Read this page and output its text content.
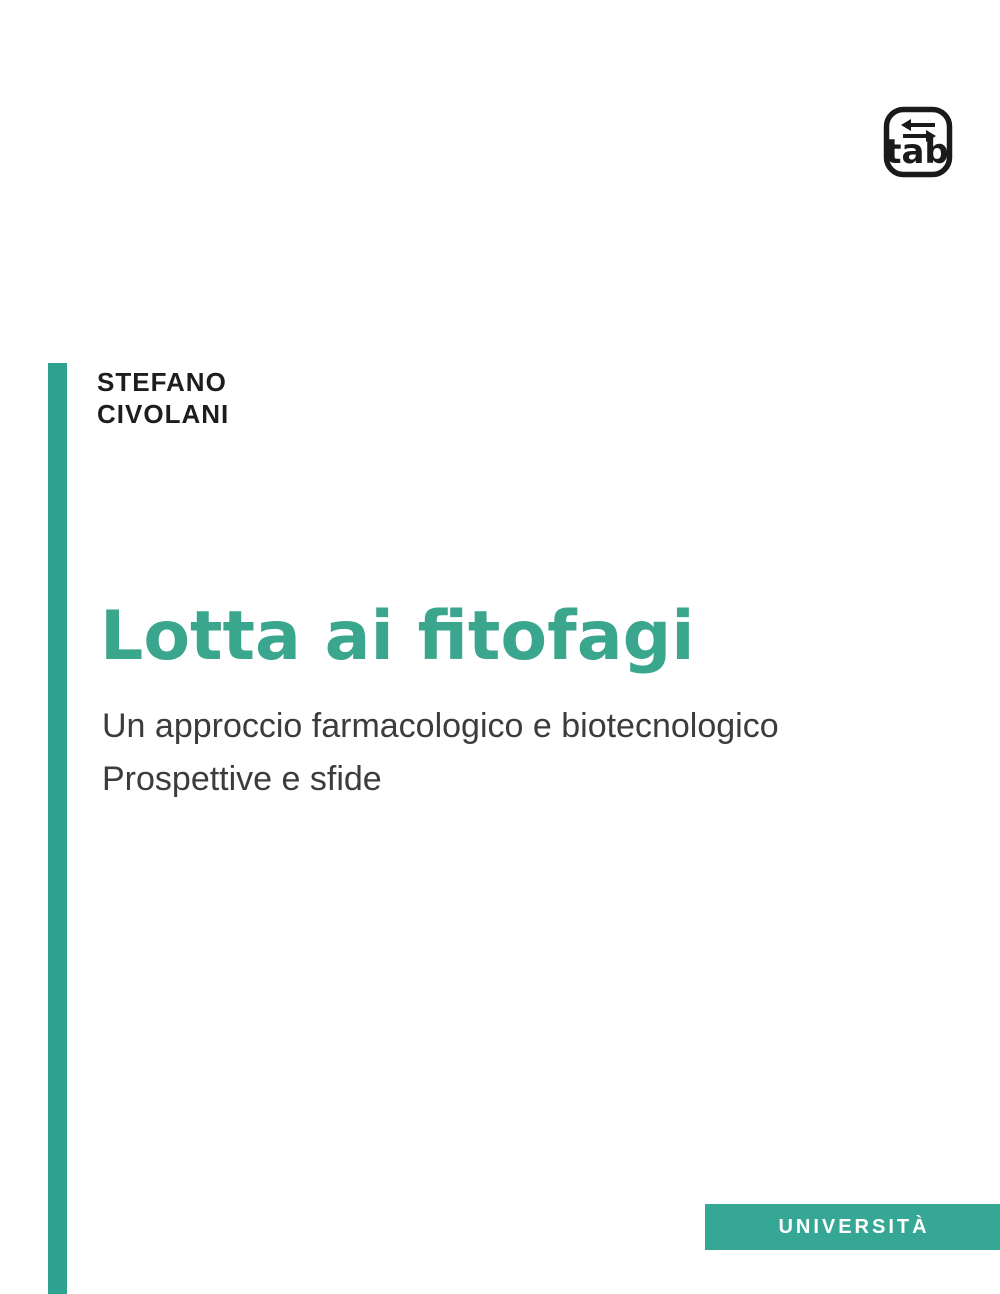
tab
STEFANO
CIVOLANI
Lotta ai fitofagi
Un approccio farmacologico e biotecnologico
Prospettive e sfide
UNIVERSITÀ
